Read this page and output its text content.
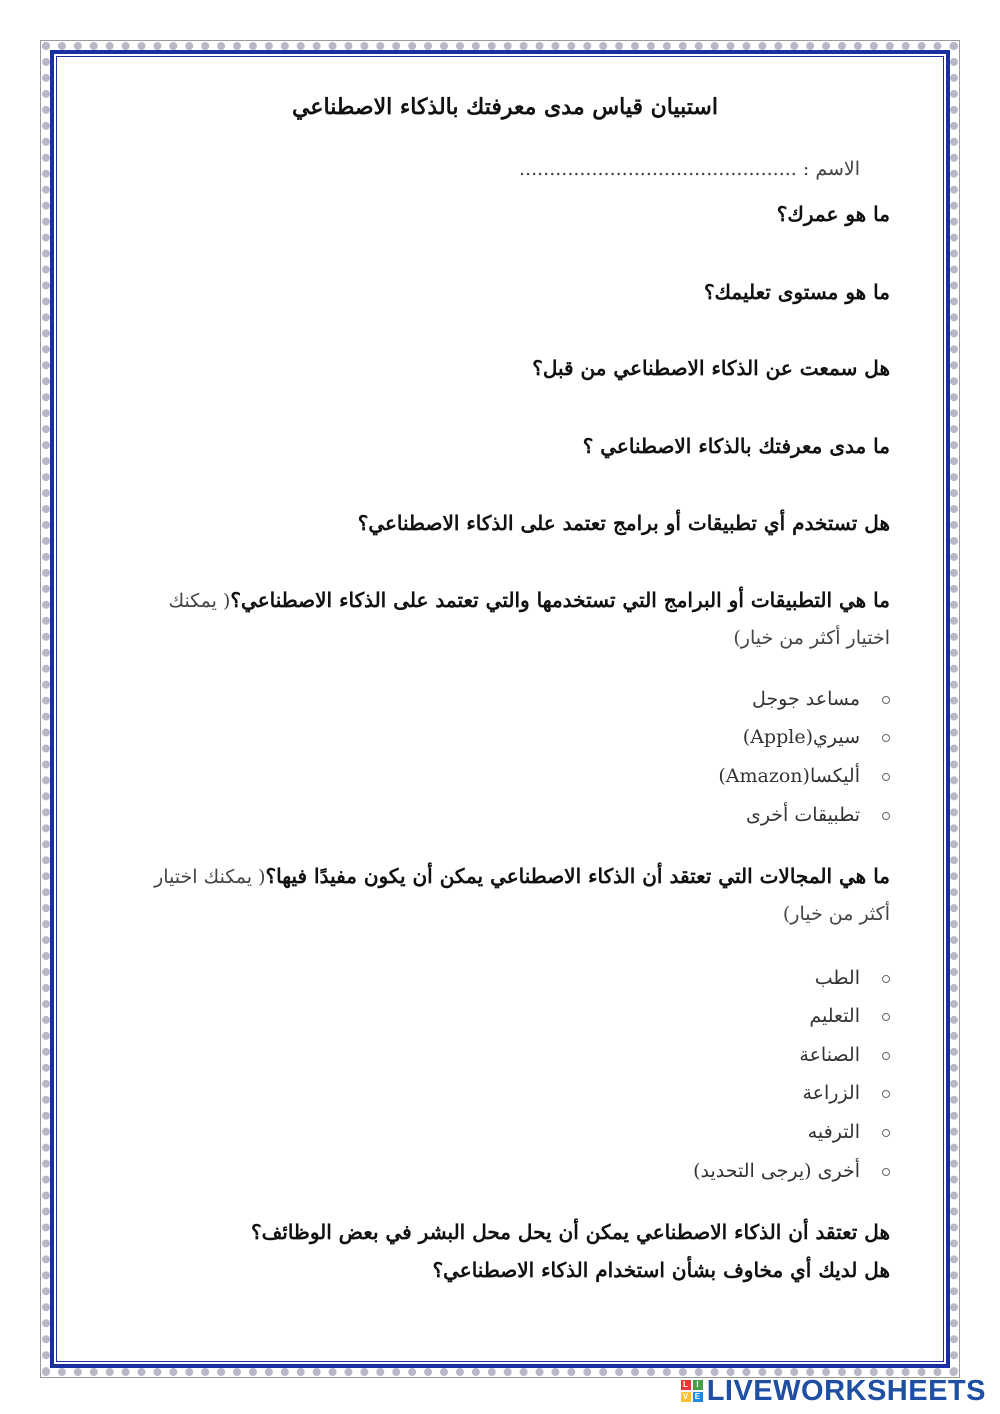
استبيان قياس مدى معرفتك بالذكاء الاصطناعي
الاسم : ..............................................
ما هو عمرك؟
ما هو مستوى تعليمك؟
هل سمعت عن الذكاء الاصطناعي من قبل؟
ما مدى معرفتك بالذكاء الاصطناعي ؟
هل تستخدم أي تطبيقات أو برامج تعتمد على الذكاء الاصطناعي؟
ما هي التطبيقات أو البرامج التي تستخدمها والتي تعتمد على الذكاء الاصطناعي؟( يمكنك اختيار أكثر من خيار)
مساعد جوجل
سيري(Apple)
أليكسا(Amazon)
تطبيقات أخرى
ما هي المجالات التي تعتقد أن الذكاء الاصطناعي يمكن أن يكون مفيدًا فيها؟( يمكنك اختيار أكثر من خيار)
الطب
التعليم
الصناعة
الزراعة
الترفيه
أخرى (يرجى التحديد)
هل تعتقد أن الذكاء الاصطناعي يمكن أن يحل محل البشر في بعض الوظائف؟
هل لديك أي مخاوف بشأن استخدام الذكاء الاصطناعي؟
L I
V E LIVEWORKSHEETS
